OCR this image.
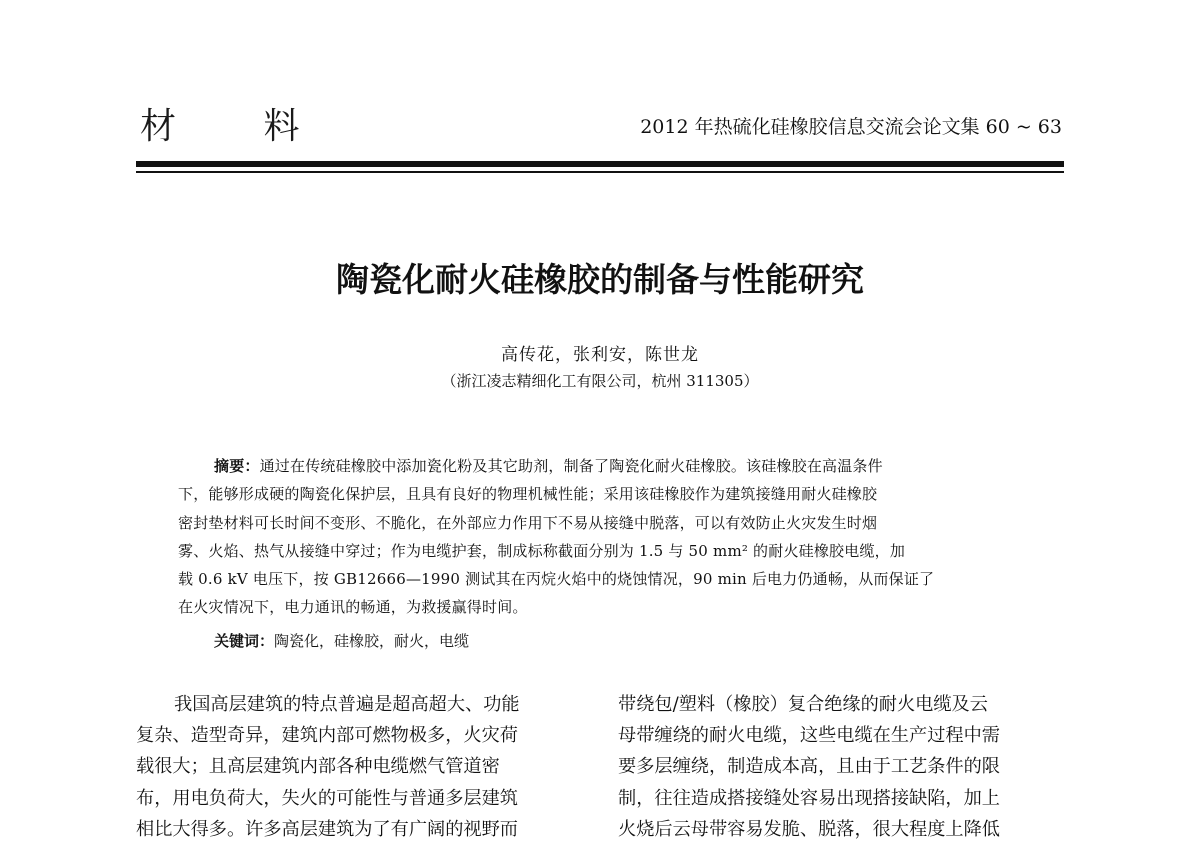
材 料	2012 年热硫化硅橡胶信息交流会论文集 60 ~ 63
陶瓷化耐火硅橡胶的制备与性能研究
高传花，张利安，陈世龙
（浙江凌志精细化工有限公司，杭州 311305）
摘要：通过在传统硅橡胶中添加瓷化粉及其它助剂，制备了陶瓷化耐火硅橡胶。该硅橡胶在高温条件
下，能够形成硬的陶瓷化保护层，且具有良好的物理机械性能；采用该硅橡胶作为建筑接缝用耐火硅橡胶
密封垫材料可长时间不变形、不脆化，在外部应力作用下不易从接缝中脱落，可以有效防止火灾发生时烟
雾、火焰、热气从接缝中穿过；作为电缆护套，制成标称截面分别为 1.5 与 50 mm² 的耐火硅橡胶电缆，加
载 0.6 kV 电压下，按 GB12666—1990 测试其在丙烷火焰中的烧蚀情况，90 min 后电力仍通畅，从而保证了
在火灾情况下，电力通讯的畅通，为救援赢得时间。
关键词：陶瓷化，硅橡胶，耐火，电缆
我国高层建筑的特点普遍是超高超大、功能
复杂、造型奇异，建筑内部可燃物极多，火灾荷
载很大；且高层建筑内部各种电缆燃气管道密
布，用电负荷大，失火的可能性与普通多层建筑
相比大得多。许多高层建筑为了有广阔的视野而
带绕包/塑料（橡胶）复合绝缘的耐火电缆及云
母带缠绕的耐火电缆，这些电缆在生产过程中需
要多层缠绕，制造成本高，且由于工艺条件的限
制，往往造成搭接缝处容易出现搭接缺陷，加上
火烧后云母带容易发脆、脱落，很大程度上降低
